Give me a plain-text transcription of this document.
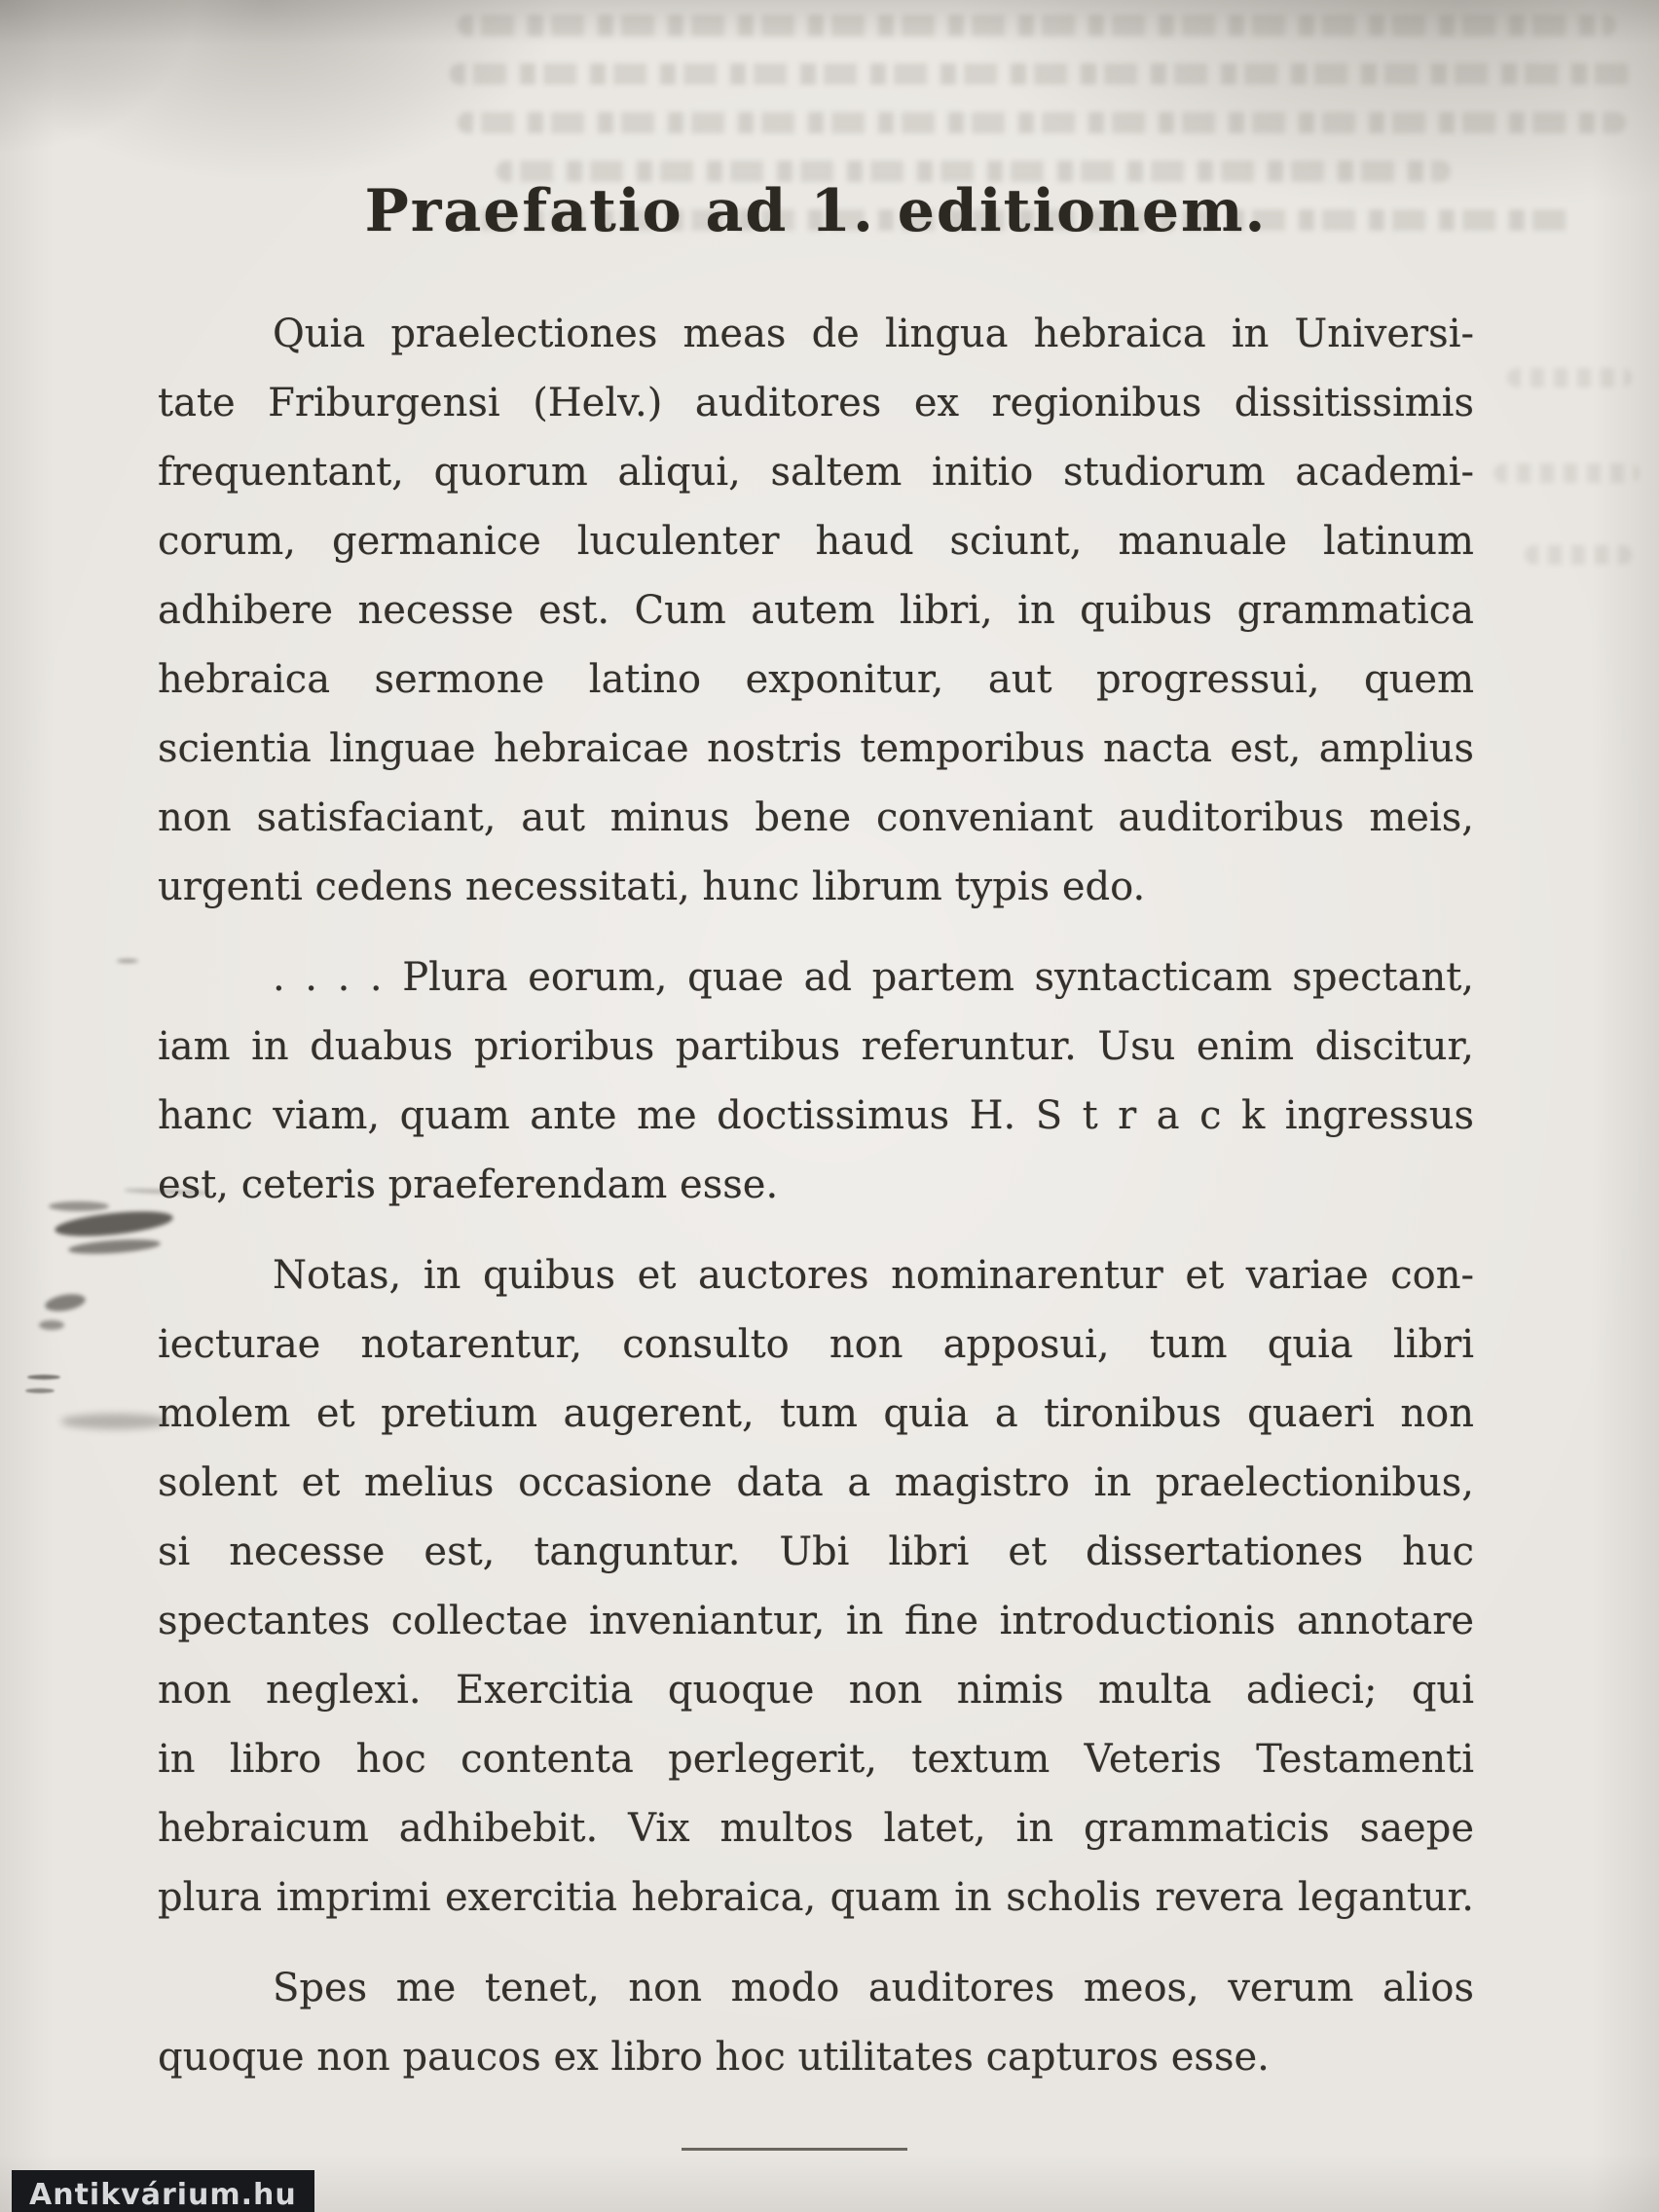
Praefatio ad 1. editionem.

Quia praelectiones meas de lingua hebraica in Universi-
tate Friburgensi (Helv.) auditores ex regionibus dissitissimis
frequentant, quorum aliqui, saltem initio studiorum academi-
corum, germanice luculenter haud sciunt, manuale latinum
adhibere necesse est. Cum autem libri, in quibus grammatica
hebraica sermone latino exponitur, aut progressui, quem
scientia linguae hebraicae nostris temporibus nacta est, amplius
non satisfaciant, aut minus bene conveniant auditoribus meis,
urgenti cedens necessitati, hunc librum typis edo.

. . . . Plura eorum, quae ad partem syntacticam spectant,
iam in duabus prioribus partibus referuntur. Usu enim discitur,
hanc viam, quam ante me doctissimus H. S t r a c k ingressus
est, ceteris praeferendam esse.

Notas, in quibus et auctores nominarentur et variae con-
iecturae notarentur, consulto non apposui, tum quia libri
molem et pretium augerent, tum quia a tironibus quaeri non
solent et melius occasione data a magistro in praelectionibus,
si necesse est, tanguntur. Ubi libri et dissertationes huc
spectantes collectae inveniantur, in fine introductionis annotare
non neglexi. Exercitia quoque non nimis multa adieci; qui
in libro hoc contenta perlegerit, textum Veteris Testamenti
hebraicum adhibebit. Vix multos latet, in grammaticis saepe
plura imprimi exercitia hebraica, quam in scholis revera legantur.

Spes me tenet, non modo auditores meos, verum alios
quoque non paucos ex libro hoc utilitates capturos esse.

Antikvárium.hu
